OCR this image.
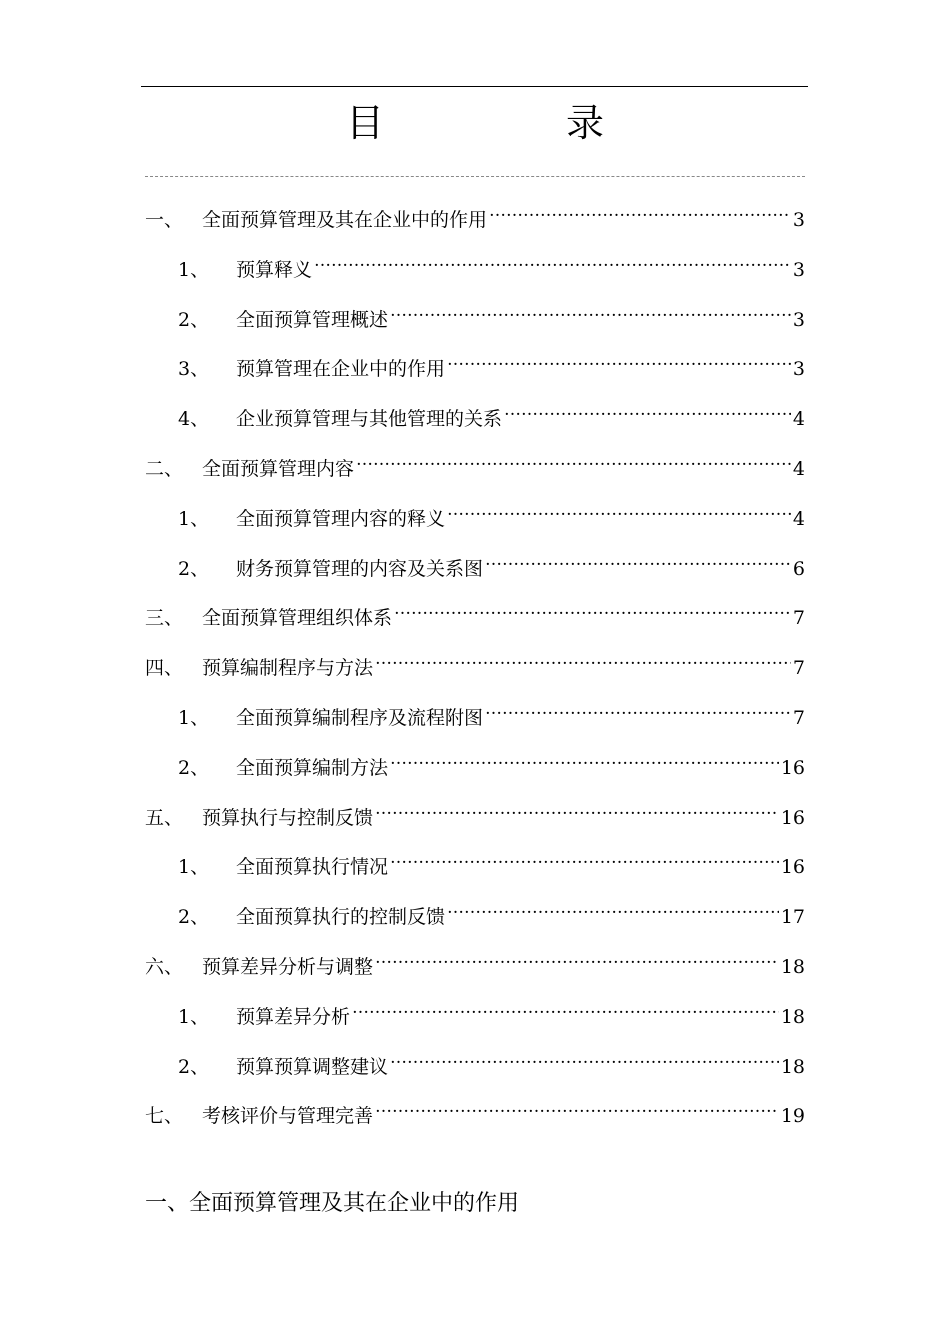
目　录
一、 全面预算管理及其在企业中的作用 ……………………………………………………………………………………………………………………………………………………………………………………	3
1、	预算释义 ……………………………………………………………………………………………………………………………………………………………………………………	3
2、	全面预算管理概述 ……………………………………………………………………………………………………………………………………………………………………………………	3
3、	预算管理在企业中的作用 ……………………………………………………………………………………………………………………………………………………………………………………	3
4、	企业预算管理与其他管理的关系 ……………………………………………………………………………………………………………………………………………………………………………………	4
二、 全面预算管理内容 ……………………………………………………………………………………………………………………………………………………………………………………	4
1、	全面预算管理内容的释义 ……………………………………………………………………………………………………………………………………………………………………………………	4
2、	财务预算管理的内容及关系图 ……………………………………………………………………………………………………………………………………………………………………………………	6
三、 全面预算管理组织体系 ……………………………………………………………………………………………………………………………………………………………………………………	7
四、 预算编制程序与方法 ……………………………………………………………………………………………………………………………………………………………………………………	7
1、	全面预算编制程序及流程附图 ……………………………………………………………………………………………………………………………………………………………………………………	7
2、	全面预算编制方法 ……………………………………………………………………………………………………………………………………………………………………………………	16
五、 预算执行与控制反馈 ……………………………………………………………………………………………………………………………………………………………………………………	16
1、	全面预算执行情况 ……………………………………………………………………………………………………………………………………………………………………………………	16
2、	全面预算执行的控制反馈 ……………………………………………………………………………………………………………………………………………………………………………………	17
六、 预算差异分析与调整 ……………………………………………………………………………………………………………………………………………………………………………………	18
1、	预算差异分析 ……………………………………………………………………………………………………………………………………………………………………………………	18
2、	预算预算调整建议 ……………………………………………………………………………………………………………………………………………………………………………………	18
七、 考核评价与管理完善 ……………………………………………………………………………………………………………………………………………………………………………………	19
一、全面预算管理及其在企业中的作用
